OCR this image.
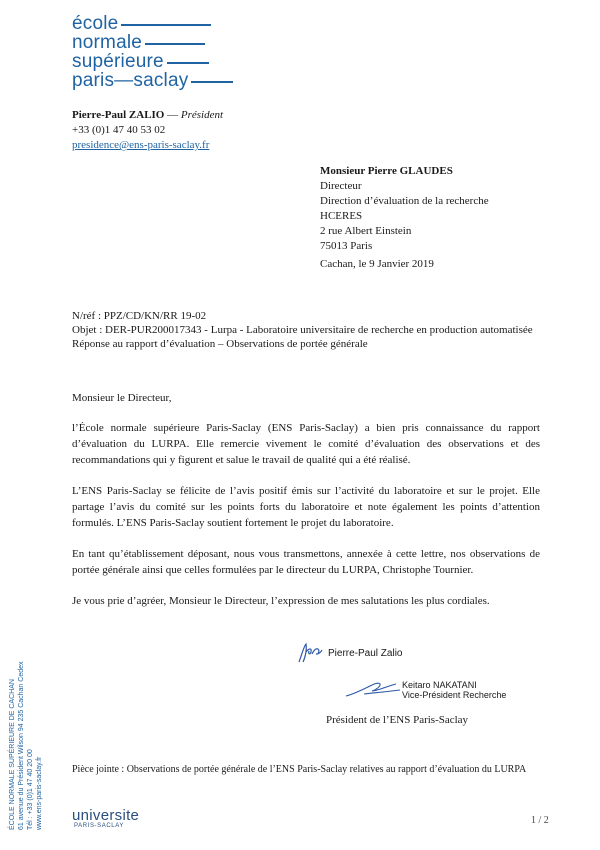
école
normale
supérieure
paris—saclay
Pierre-Paul ZALIO — Président
+33 (0)1 47 40 53 02
presidence@ens-paris-saclay.fr
Monsieur Pierre GLAUDES
Directeur
Direction d’évaluation de la recherche
HCERES
2 rue Albert Einstein
75013 Paris
Cachan, le 9 Janvier 2019
N/réf : PPZ/CD/KN/RR 19-02
Objet : DER-PUR200017343 - Lurpa - Laboratoire universitaire de recherche en production automatisée
Réponse au rapport d’évaluation – Observations de portée générale

Monsieur le Directeur,

l’École normale supérieure Paris-Saclay (ENS Paris-Saclay) a bien pris connaissance du rapport d’évaluation du LURPA. Elle remercie vivement le comité d’évaluation des observations et des recommandations qui y figurent et salue le travail de qualité qui a été réalisé.

L’ENS Paris-Saclay se félicite de l’avis positif émis sur l’activité du laboratoire et sur le projet. Elle partage l’avis du comité sur les points forts du laboratoire et note également les points d’attention formulés. L’ENS Paris-Saclay soutient fortement le projet du laboratoire.

En tant qu’établissement déposant, nous vous transmettons, annexée à cette lettre, nos observations de portée générale ainsi que celles formulées par le directeur du LURPA, Christophe Tournier.

Je vous prie d’agréer, Monsieur le Directeur, l’expression de mes salutations les plus cordiales.

Pierre-Paul Zalio
Keitaro NAKATANI
Vice-Président Recherche
Président de l’ENS Paris-Saclay
Pièce jointe : Observations de portée générale de l’ENS Paris-Saclay relatives au rapport d’évaluation du LURPA
universite
PARIS-SACLAY	1 / 2
ÉCOLE NORMALE SUPÉRIEURE DE CACHAN 61 avenue du Président Wilson 94 235 Cachan Cedex Tél : +33 (0)1 47 40 20 00 www.ens-paris-saclay.fr
